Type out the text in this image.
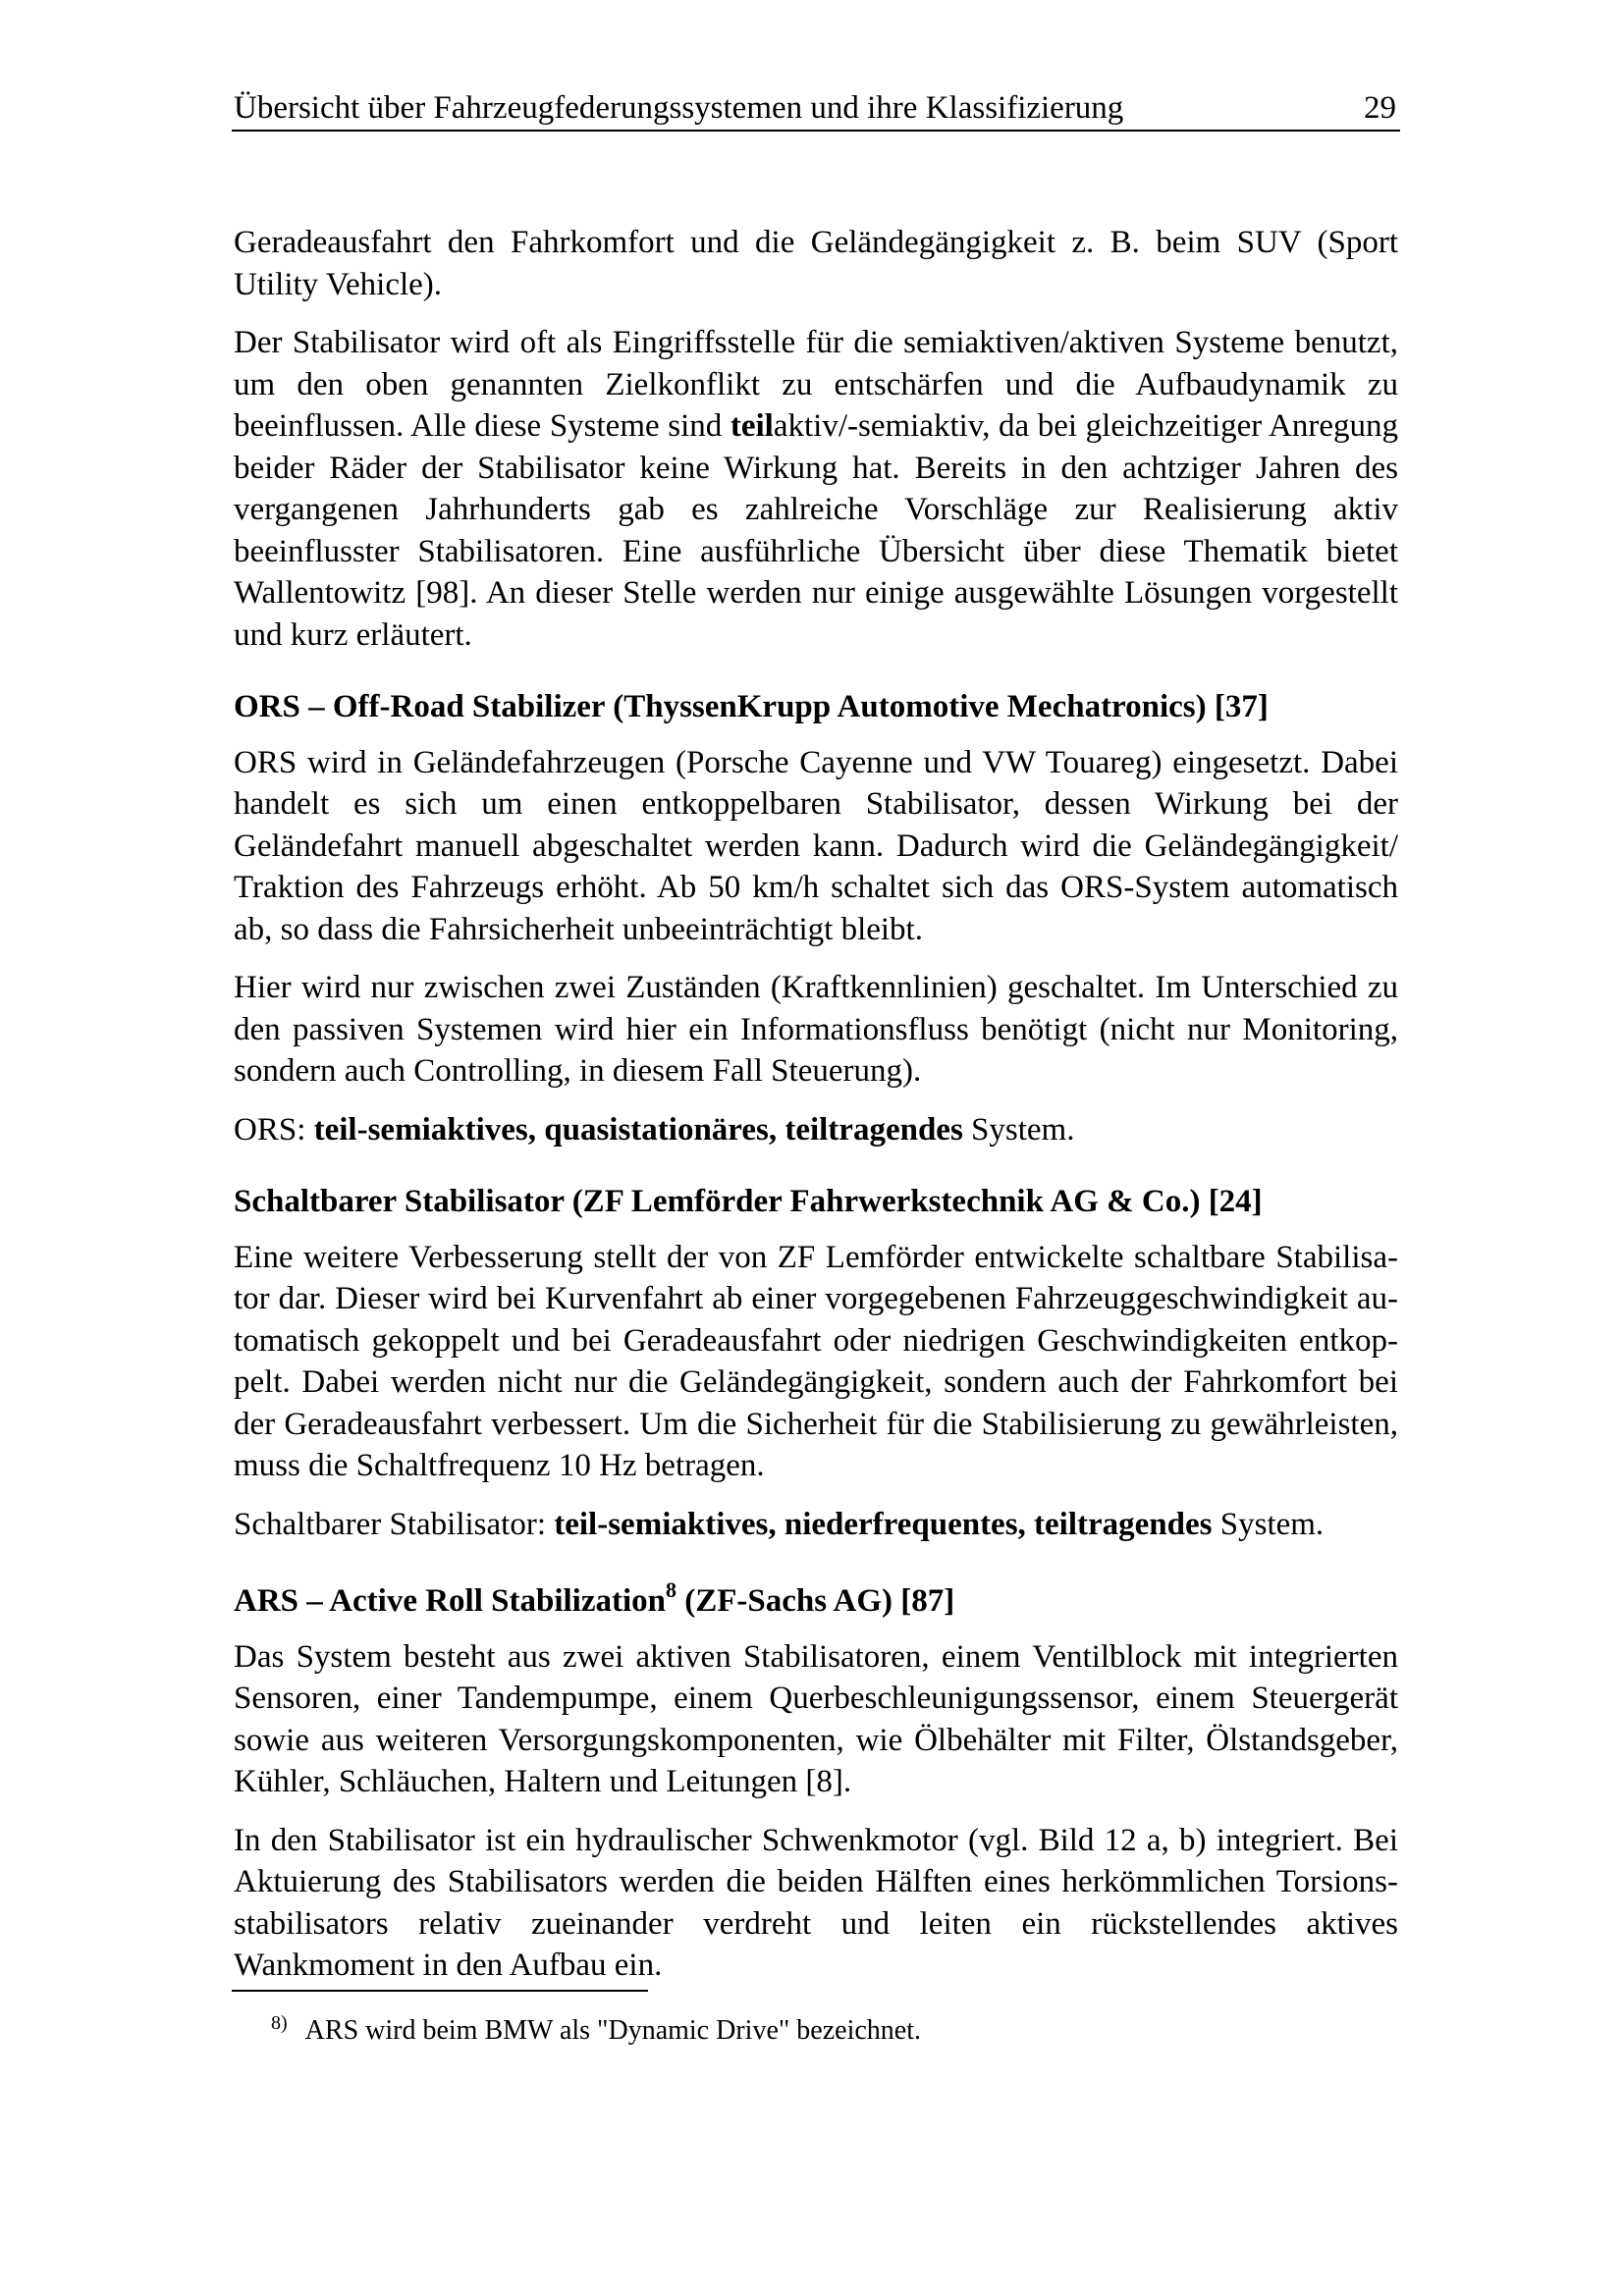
Übersicht über Fahrzeugfederungssystemen und ihre Klassifizierung	29

Geradeausfahrt den Fahrkomfort und die Geländegängigkeit z. B. beim SUV (Sport Utility Vehicle).

Der Stabilisator wird oft als Eingriffsstelle für die semiaktiven/aktiven Systeme benutzt, um den oben genannten Zielkonflikt zu entschärfen und die Aufbaudynamik zu beeinflussen. Alle diese Systeme sind teilaktiv/-semiaktiv, da bei gleichzeitiger Anregung beider Räder der Stabilisator keine Wirkung hat. Bereits in den achtziger Jahren des vergangenen Jahrhunderts gab es zahlreiche Vorschläge zur Realisierung aktiv beeinflusster Stabilisatoren. Eine ausführliche Übersicht über diese Thematik bietet Wallentowitz [98]. An dieser Stelle werden nur einige ausgewählte Lösungen vorgestellt und kurz erläutert.

ORS – Off-Road Stabilizer (ThyssenKrupp Automotive Mechatronics) [37]

ORS wird in Geländefahrzeugen (Porsche Cayenne und VW Touareg) eingesetzt. Dabei handelt es sich um einen entkoppelbaren Stabilisator, dessen Wirkung bei der Geländefahrt manuell abgeschaltet werden kann. Dadurch wird die Geländegängigkeit/ Traktion des Fahrzeugs erhöht. Ab 50 km/h schaltet sich das ORS-System automatisch ab, so dass die Fahrsicherheit unbeeinträchtigt bleibt.

Hier wird nur zwischen zwei Zuständen (Kraftkennlinien) geschaltet. Im Unterschied zu den passiven Systemen wird hier ein Informationsfluss benötigt (nicht nur Monitoring, sondern auch Controlling, in diesem Fall Steuerung).

ORS: teil-semiaktives, quasistationäres, teiltragendes System.

Schaltbarer Stabilisator (ZF Lemförder Fahrwerkstechnik AG & Co.) [24]

Eine weitere Verbesserung stellt der von ZF Lemförder entwickelte schaltbare Stabilisator dar. Dieser wird bei Kurvenfahrt ab einer vorgegebenen Fahrzeuggeschwindigkeit automatisch gekoppelt und bei Geradeausfahrt oder niedrigen Geschwindigkeiten entkoppelt. Dabei werden nicht nur die Geländegängigkeit, sondern auch der Fahrkomfort bei der Geradeausfahrt verbessert. Um die Sicherheit für die Stabilisierung zu gewährleisten, muss die Schaltfrequenz 10 Hz betragen.

Schaltbarer Stabilisator: teil-semiaktives, niederfrequentes, teiltragendes System.

ARS – Active Roll Stabilization$^8$ (ZF-Sachs AG) [87]

Das System besteht aus zwei aktiven Stabilisatoren, einem Ventilblock mit integrierten Sensoren, einer Tandempumpe, einem Querbeschleunigungssensor, einem Steuergerät sowie aus weiteren Versorgungskomponenten, wie Ölbehälter mit Filter, Ölstandsgeber, Kühler, Schläuchen, Haltern und Leitungen [8].

In den Stabilisator ist ein hydraulischer Schwenkmotor (vgl. Bild 12 a, b) integriert. Bei Aktuierung des Stabilisators werden die beiden Hälften eines herkömmlichen Torsionsstabilisators relativ zueinander verdreht und leiten ein rückstellendes aktives Wankmoment in den Aufbau ein.

$^{8)}$ ARS wird beim BMW als "Dynamic Drive" bezeichnet.
